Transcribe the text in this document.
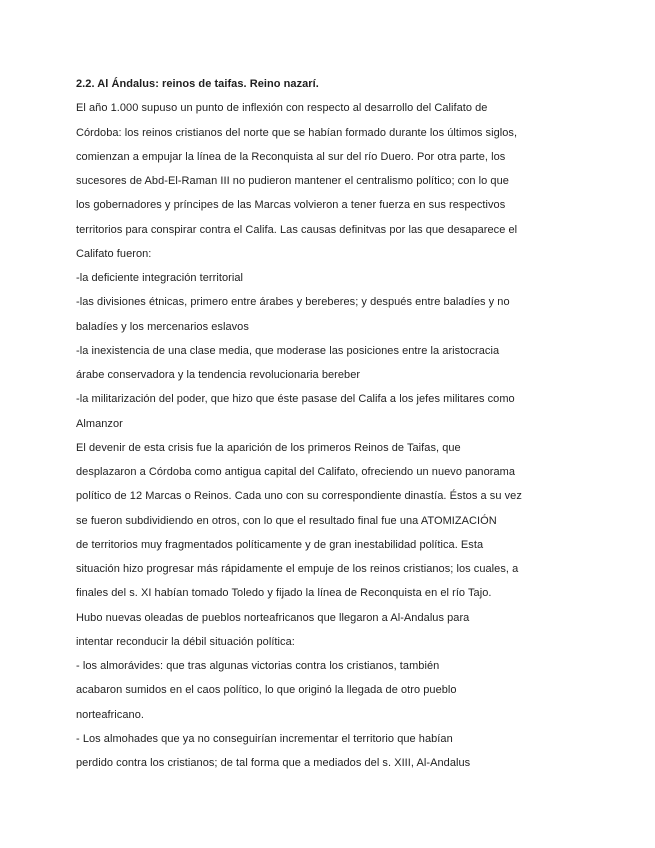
2.2. Al Ándalus: reinos de taifas. Reino nazarí.
El año 1.000 supuso un punto de inflexión con respecto al desarrollo del Califato de
Córdoba: los reinos cristianos del norte que se habían formado durante los últimos siglos,
comienzan a empujar la línea de la Reconquista al sur del río Duero. Por otra parte, los
sucesores de Abd-El-Raman III no pudieron mantener el centralismo político; con lo que
los gobernadores y príncipes de las Marcas volvieron a tener fuerza en sus respectivos
territorios para conspirar contra el Califa. Las causas definitvas por las que desaparece el
Califato fueron:
-la deficiente integración territorial
-las divisiones étnicas, primero entre árabes y bereberes; y después entre baladíes y no
baladíes y los mercenarios eslavos
-la inexistencia de una clase media, que moderase las posiciones entre la aristocracia
árabe conservadora y la tendencia revolucionaria bereber
-la militarización del poder, que hizo que éste pasase del Califa a los jefes militares como
Almanzor
El devenir de esta crisis fue la aparición de los primeros Reinos de Taifas, que
desplazaron a Córdoba como antigua capital del Califato, ofreciendo un nuevo panorama
político de 12 Marcas o Reinos. Cada uno con su correspondiente dinastía. Éstos a su vez
se fueron subdividiendo en otros, con lo que el resultado final fue una ATOMIZACIÓN
de territorios muy fragmentados políticamente y de gran inestabilidad política. Esta
situación hizo progresar más rápidamente el empuje de los reinos cristianos; los cuales, a
finales del s. XI habían tomado Toledo y fijado la línea de Reconquista en el río Tajo.
Hubo nuevas oleadas de pueblos norteafricanos que llegaron a Al-Andalus para
intentar reconducir la débil situación política:
- los almorávides: que tras algunas victorias contra los cristianos, también
acabaron sumidos en el caos político, lo que originó la llegada de otro pueblo
norteafricano.
- Los almohades que ya no conseguirían incrementar el territorio que habían
perdido contra los cristianos; de tal forma que a mediados del s. XIII, Al-Andalus
